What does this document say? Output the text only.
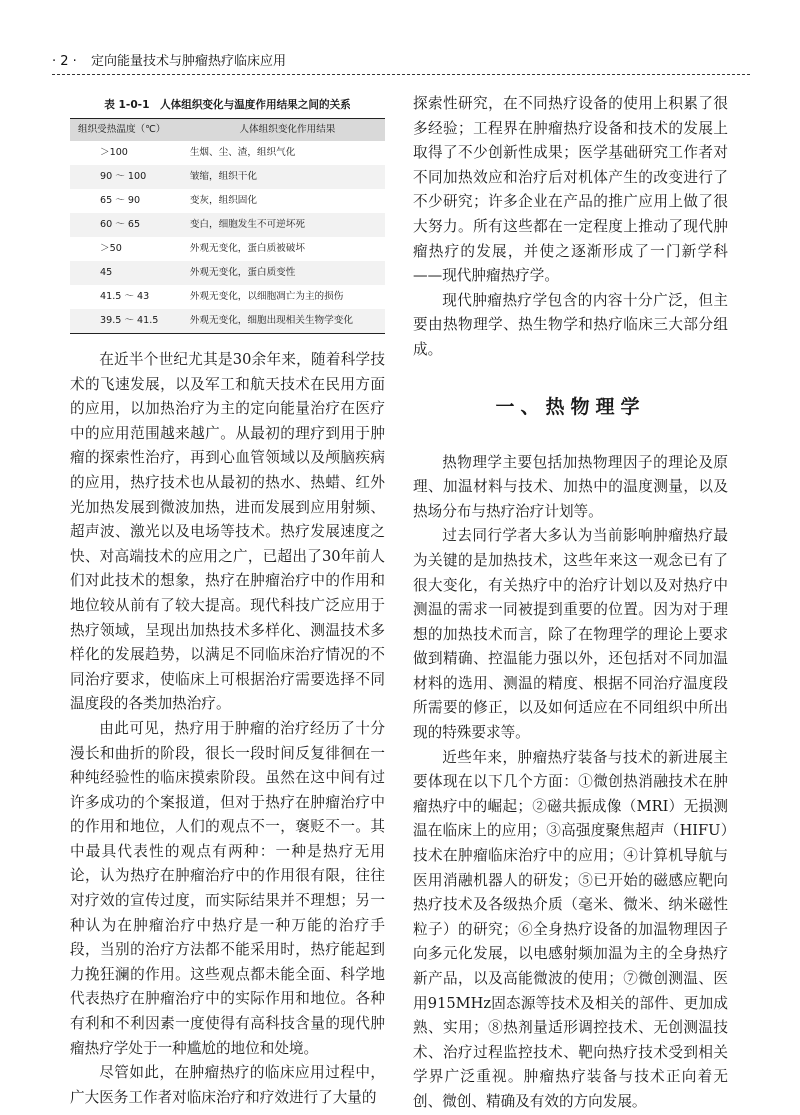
· 2 · 定向能量技术与肿瘤热疗临床应用
表 1-0-1　人体组织变化与温度作用结果之间的关系
组织受热温度（℃）	人体组织变化作用结果
＞100	生烟、尘、渣，组织气化
90 ～ 100	皱缩，组织干化
65 ～ 90	变灰，组织固化
60 ～ 65	变白，细胞发生不可逆坏死
＞50	外观无变化，蛋白质被破坏
45	外观无变化，蛋白质变性
41.5 ～ 43	外观无变化，以细胞凋亡为主的损伤
39.5 ～ 41.5	外观无变化，细胞出现相关生物学变化

在近半个世纪尤其是30余年来，随着科学技术的飞速发展，以及军工和航天技术在民用方面的应用，以加热治疗为主的定向能量治疗在医疗中的应用范围越来越广。从最初的理疗到用于肿瘤的探索性治疗，再到心血管领域以及颅脑疾病的应用，热疗技术也从最初的热水、热蜡、红外光加热发展到微波加热，进而发展到应用射频、超声波、激光以及电场等技术。热疗发展速度之快、对高端技术的应用之广，已超出了30年前人们对此技术的想象，热疗在肿瘤治疗中的作用和地位较从前有了较大提高。现代科技广泛应用于热疗领域，呈现出加热技术多样化、测温技术多样化的发展趋势，以满足不同临床治疗情况的不同治疗要求，使临床上可根据治疗需要选择不同温度段的各类加热治疗。

由此可见，热疗用于肿瘤的治疗经历了十分漫长和曲折的阶段，很长一段时间反复徘徊在一种纯经验性的临床摸索阶段。虽然在这中间有过许多成功的个案报道，但对于热疗在肿瘤治疗中的作用和地位，人们的观点不一，褒贬不一。其中最具代表性的观点有两种：一种是热疗无用论，认为热疗在肿瘤治疗中的作用很有限，往往对疗效的宣传过度，而实际结果并不理想；另一种认为在肿瘤治疗中热疗是一种万能的治疗手段，当别的治疗方法都不能采用时，热疗能起到力挽狂澜的作用。这些观点都未能全面、科学地代表热疗在肿瘤治疗中的实际作用和地位。各种有利和不利因素一度使得有高科技含量的现代肿瘤热疗学处于一种尴尬的地位和处境。

尽管如此，在肿瘤热疗的临床应用过程中，广大医务工作者对临床治疗和疗效进行了大量的

探索性研究，在不同热疗设备的使用上积累了很多经验；工程界在肿瘤热疗设备和技术的发展上取得了不少创新性成果；医学基础研究工作者对不同加热效应和治疗后对机体产生的改变进行了不少研究；许多企业在产品的推广应用上做了很大努力。所有这些都在一定程度上推动了现代肿瘤热疗的发展，并使之逐渐形成了一门新学科——现代肿瘤热疗学。

现代肿瘤热疗学包含的内容十分广泛，但主要由热物理学、热生物学和热疗临床三大部分组成。

一、热物理学

热物理学主要包括加热物理因子的理论及原理、加温材料与技术、加热中的温度测量，以及热场分布与热疗治疗计划等。

过去同行学者大多认为当前影响肿瘤热疗最为关键的是加热技术，这些年来这一观念已有了很大变化，有关热疗中的治疗计划以及对热疗中测温的需求一同被提到重要的位置。因为对于理想的加热技术而言，除了在物理学的理论上要求做到精确、控温能力强以外，还包括对不同加温材料的选用、测温的精度、根据不同治疗温度段所需要的修正，以及如何适应在不同组织中所出现的特殊要求等。

近些年来，肿瘤热疗装备与技术的新进展主要体现在以下几个方面：①微创热消融技术在肿瘤热疗中的崛起；②磁共振成像（MRI）无损测温在临床上的应用；③高强度聚焦超声（HIFU）技术在肿瘤临床治疗中的应用；④计算机导航与医用消融机器人的研发；⑤已开始的磁感应靶向热疗技术及各级热介质（毫米、微米、纳米磁性粒子）的研究；⑥全身热疗设备的加温物理因子向多元化发展，以电感射频加温为主的全身热疗新产品，以及高能微波的使用；⑦微创测温、医用915MHz固态源等技术及相关的部件、更加成熟、实用；⑧热剂量适形调控技术、无创测温技术、治疗过程监控技术、靶向热疗技术受到相关学界广泛重视。肿瘤热疗装备与技术正向着无创、微创、精确及有效的方向发展。
